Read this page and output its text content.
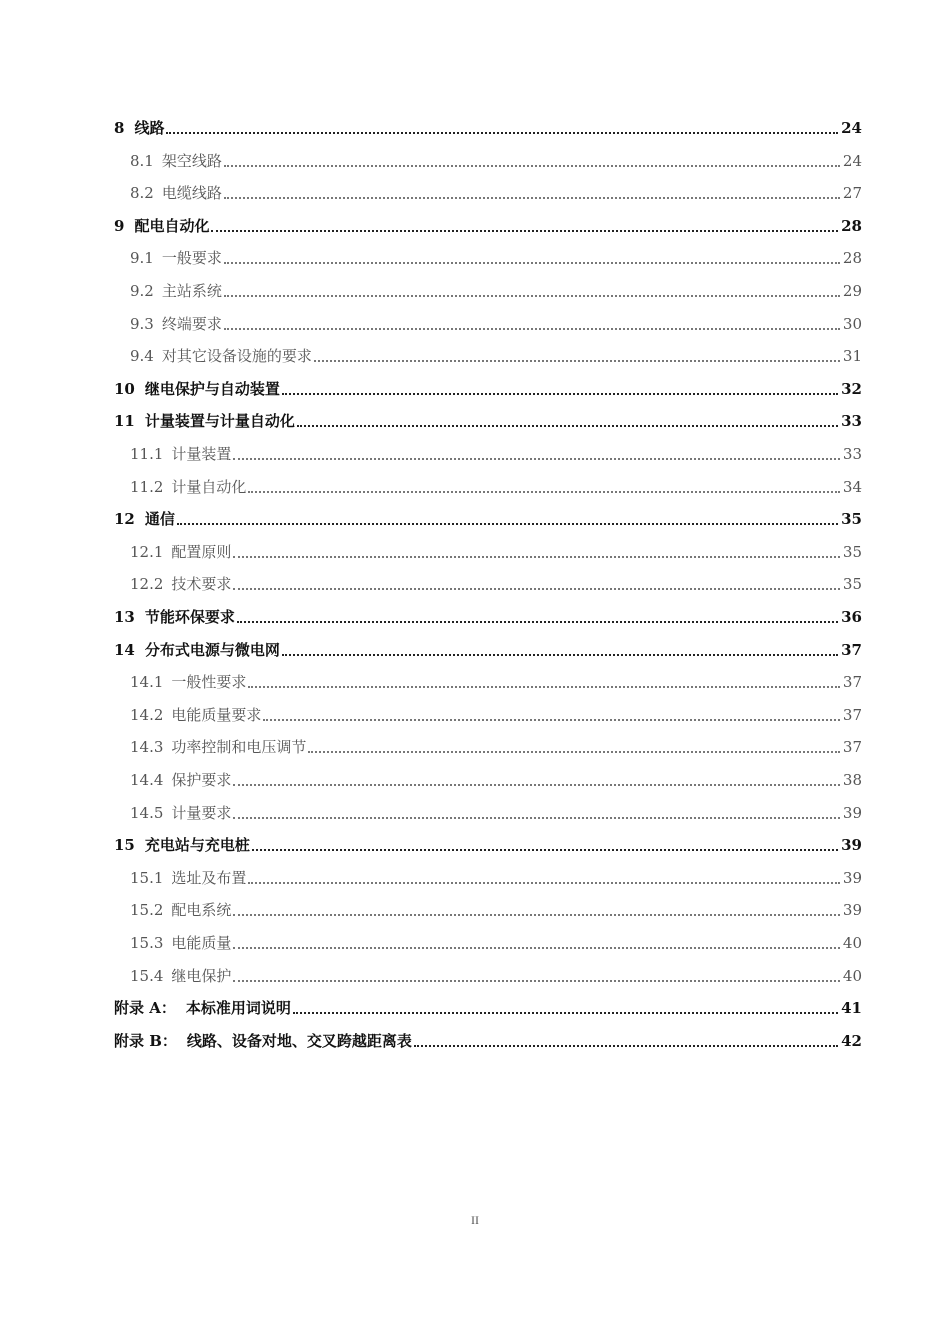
8 线路	24
8.1 架空线路	24
8.2 电缆线路	27
9 配电自动化	28
9.1 一般要求	28
9.2 主站系统	29
9.3 终端要求	30
9.4 对其它设备设施的要求	31
10 继电保护与自动装置	32
11 计量装置与计量自动化	33
11.1 计量装置	33
11.2 计量自动化	34
12 通信	35
12.1 配置原则	35
12.2 技术要求	35
13 节能环保要求	36
14 分布式电源与微电网	37
14.1 一般性要求	37
14.2 电能质量要求	37
14.3 功率控制和电压调节	37
14.4 保护要求	38
14.5 计量要求	39
15 充电站与充电桩	39
15.1 选址及布置	39
15.2 配电系统	39
15.3 电能质量	40
15.4 继电保护	40
附录 A： 本标准用词说明	41
附录 B： 线路、设备对地、交叉跨越距离表	42
II
